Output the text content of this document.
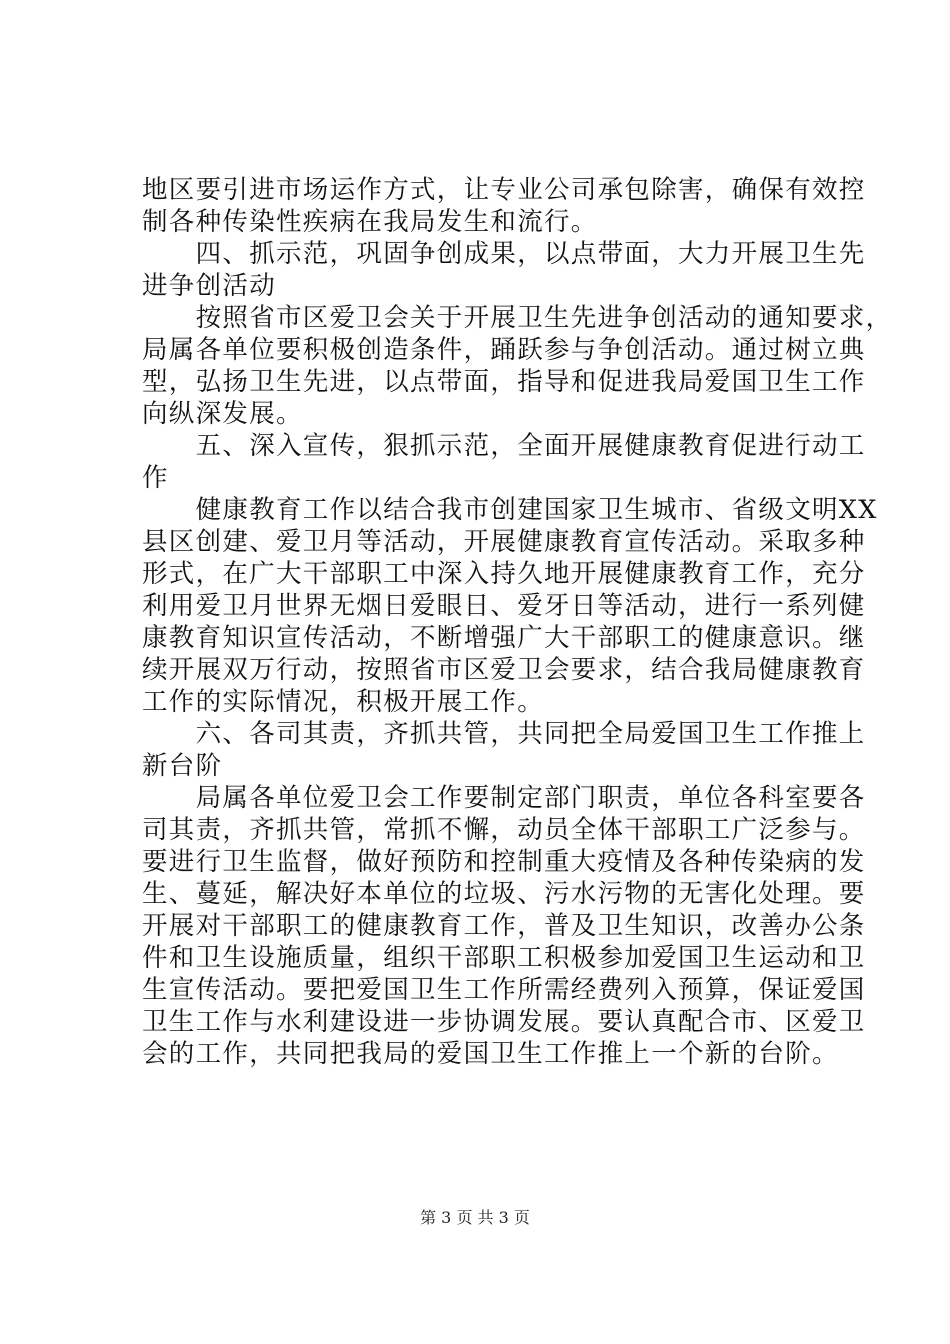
地区要引进市场运作方式，让专业公司承包除害，确保有效控
制各种传染性疾病在我局发生和流行。
　　四、抓示范，巩固争创成果，以点带面，大力开展卫生先
进争创活动
　　按照省市区爱卫会关于开展卫生先进争创活动的通知要求，
局属各单位要积极创造条件，踊跃参与争创活动。通过树立典
型，弘扬卫生先进，以点带面，指导和促进我局爱国卫生工作
向纵深发展。
　　五、深入宣传，狠抓示范，全面开展健康教育促进行动工
作
　　健康教育工作以结合我市创建国家卫生城市、省级文明XX
县区创建、爱卫月等活动，开展健康教育宣传活动。采取多种
形式，在广大干部职工中深入持久地开展健康教育工作，充分
利用爱卫月世界无烟日爱眼日、爱牙日等活动，进行一系列健
康教育知识宣传活动，不断增强广大干部职工的健康意识。继
续开展双万行动，按照省市区爱卫会要求，结合我局健康教育
工作的实际情况，积极开展工作。
　　六、各司其责，齐抓共管，共同把全局爱国卫生工作推上
新台阶
　　局属各单位爱卫会工作要制定部门职责，单位各科室要各
司其责，齐抓共管，常抓不懈，动员全体干部职工广泛参与。
要进行卫生监督，做好预防和控制重大疫情及各种传染病的发
生、蔓延，解决好本单位的垃圾、污水污物的无害化处理。要
开展对干部职工的健康教育工作，普及卫生知识，改善办公条
件和卫生设施质量，组织干部职工积极参加爱国卫生运动和卫
生宣传活动。要把爱国卫生工作所需经费列入预算，保证爱国
卫生工作与水利建设进一步协调发展。要认真配合市、区爱卫
会的工作，共同把我局的爱国卫生工作推上一个新的台阶。
第 3 页 共 3 页
